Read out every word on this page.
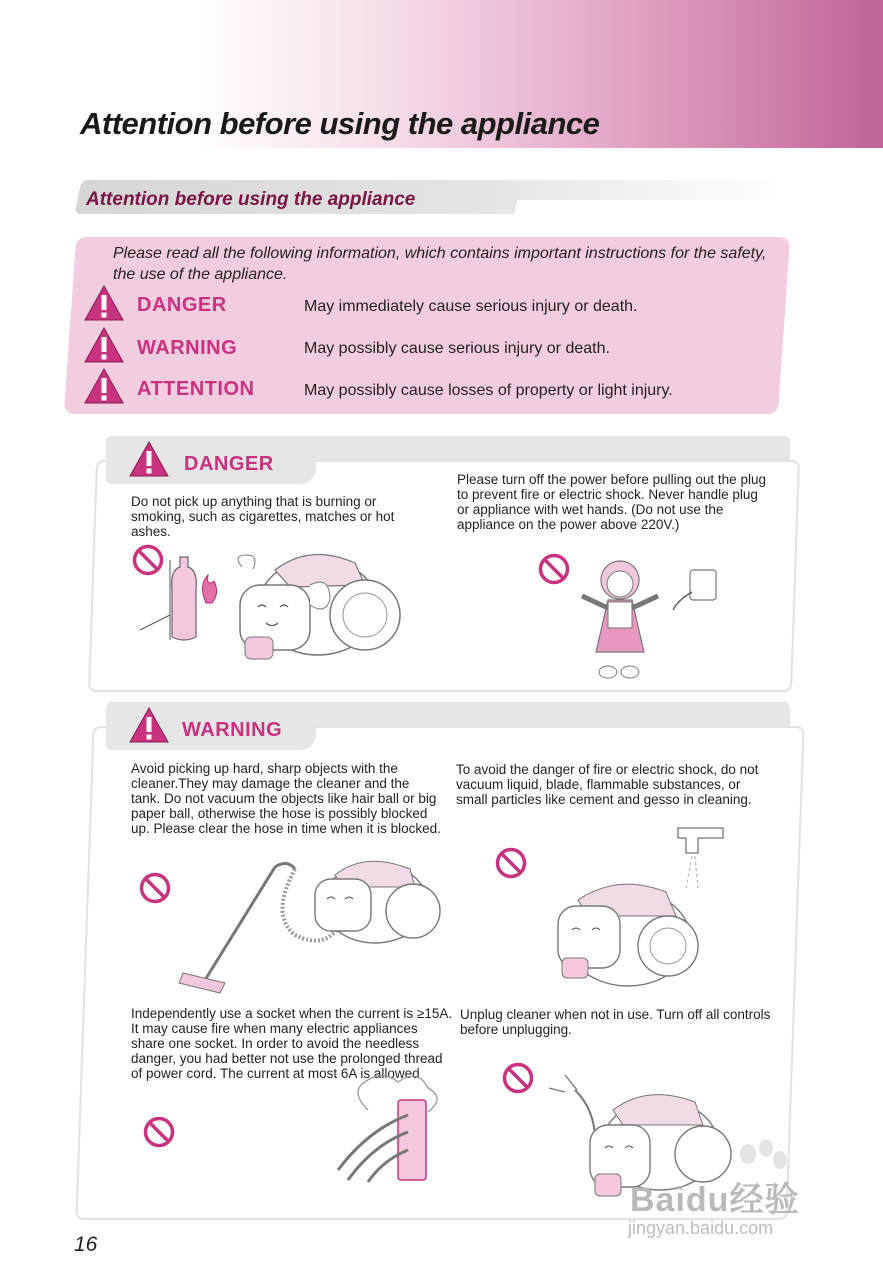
Attention before using the appliance
Attention before using the appliance
Please read all the following information, which contains important instructions for the safety, the use of the appliance.
DANGER	May immediately cause serious injury or death.
WARNING	May possibly cause serious injury or death.
ATTENTION	May possibly cause losses of property or light injury.
DANGER
Do not pick up anything that is burning or smoking, such as cigarettes, matches or hot ashes.
Please turn off the power before pulling out the plug to prevent fire or electric shock. Never handle plug or appliance with wet hands. (Do not use the appliance on the power above 220V.)
WARNING
Avoid picking up hard, sharp objects with the cleaner.They may damage the cleaner and the tank. Do not vacuum the objects like hair ball or big paper ball, otherwise the hose is possibly blocked up. Please clear the hose in time when it is blocked.
To avoid the danger of fire or electric shock, do not vacuum liquid, blade, flammable substances, or small particles like cement and gesso in cleaning.
Independently use a socket when the current is ≥15A. It may cause fire when many electric appliances share one socket. In order to avoid the needless danger, you had better not use the prolonged thread of power cord. The current at most 6A is allowed
Unplug cleaner when not in use. Turn off all controls before unplugging.
16
Baidu经验
jingyan.baidu.com
